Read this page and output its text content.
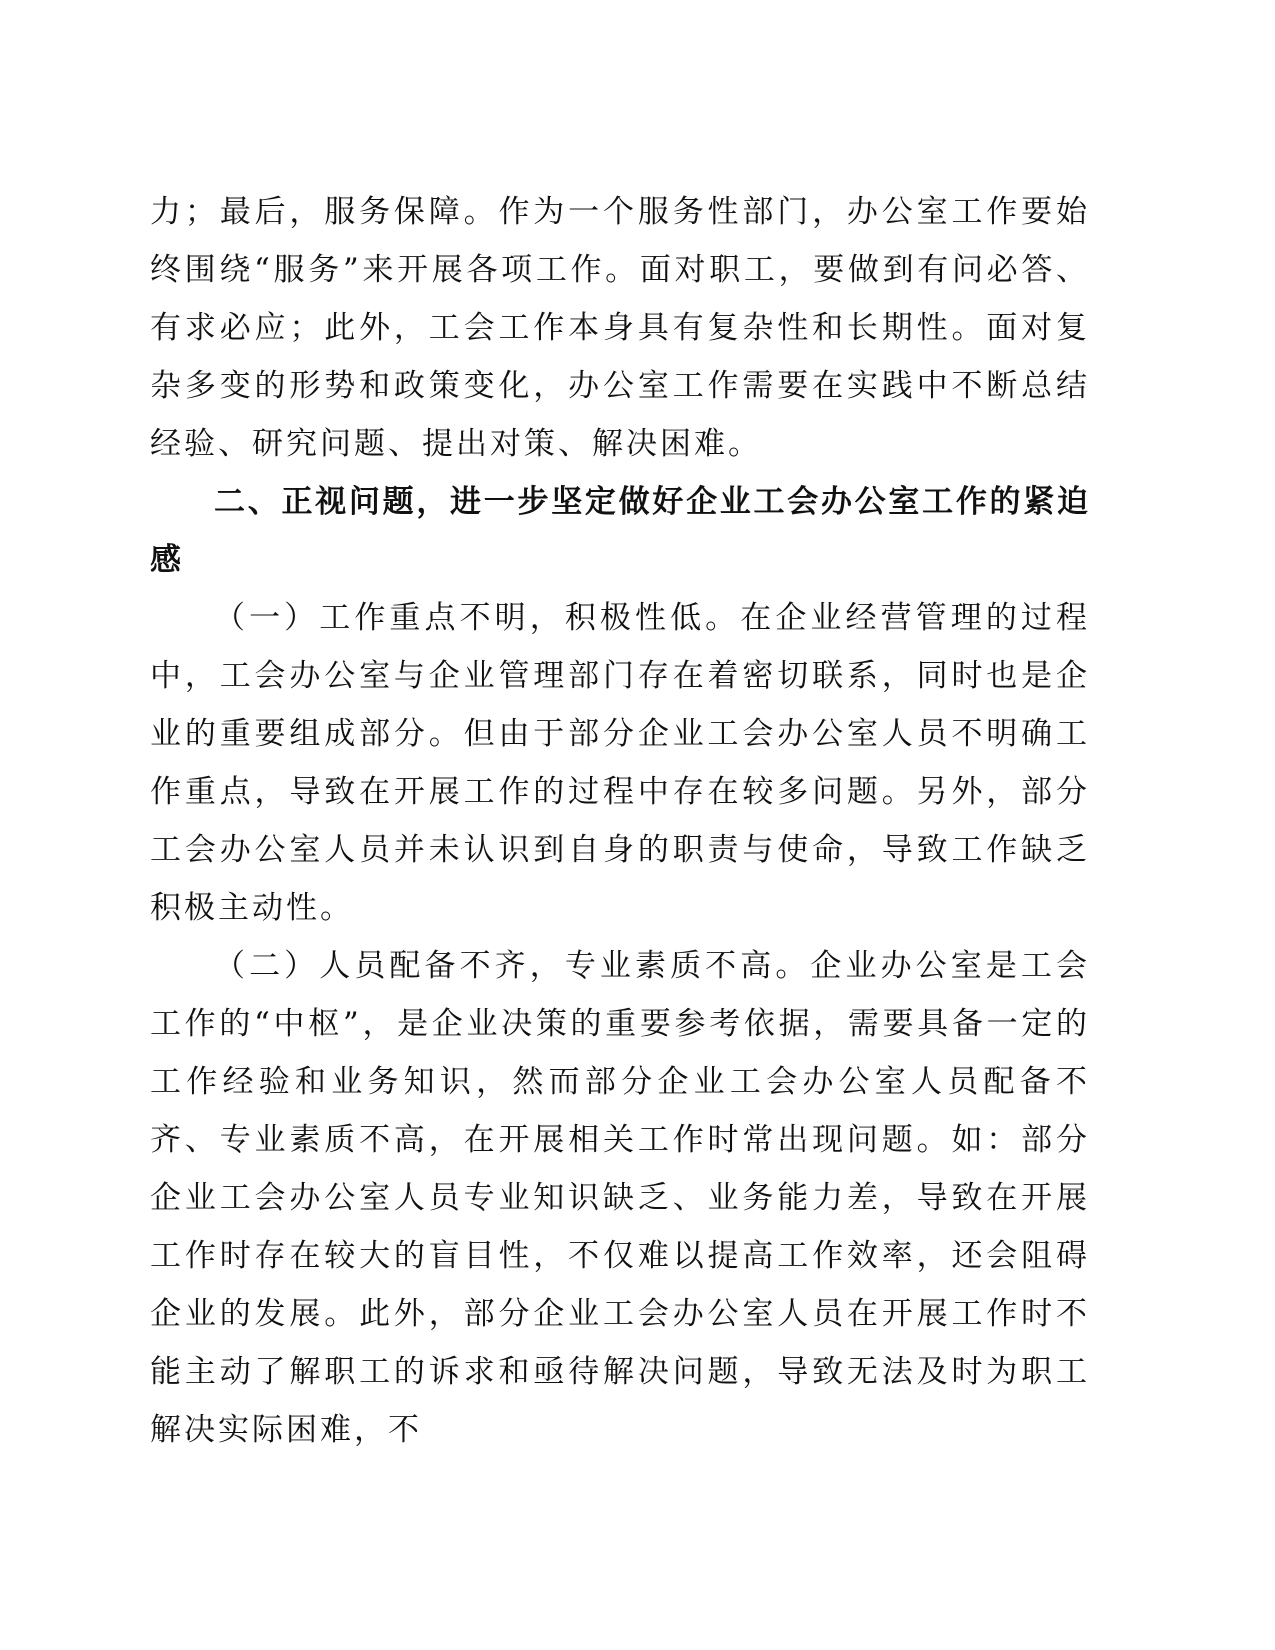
力；最后，服务保障。作为一个服务性部门，办公室工作要始终围绕“服务”来开展各项工作。面对职工，要做到有问必答、有求必应；此外，工会工作本身具有复杂性和长期性。面对复杂多变的形势和政策变化，办公室工作需要在实践中不断总结经验、研究问题、提出对策、解决困难。

二、正视问题，进一步坚定做好企业工会办公室工作的紧迫感

（一）工作重点不明，积极性低。在企业经营管理的过程中，工会办公室与企业管理部门存在着密切联系，同时也是企业的重要组成部分。但由于部分企业工会办公室人员不明确工作重点，导致在开展工作的过程中存在较多问题。另外，部分工会办公室人员并未认识到自身的职责与使命，导致工作缺乏积极主动性。

（二）人员配备不齐，专业素质不高。企业办公室是工会工作的“中枢”，是企业决策的重要参考依据，需要具备一定的工作经验和业务知识，然而部分企业工会办公室人员配备不齐、专业素质不高，在开展相关工作时常出现问题。如：部分企业工会办公室人员专业知识缺乏、业务能力差，导致在开展工作时存在较大的盲目性，不仅难以提高工作效率，还会阻碍企业的发展。此外，部分企业工会办公室人员在开展工作时不能主动了解职工的诉求和亟待解决问题，导致无法及时为职工解决实际困难，不
